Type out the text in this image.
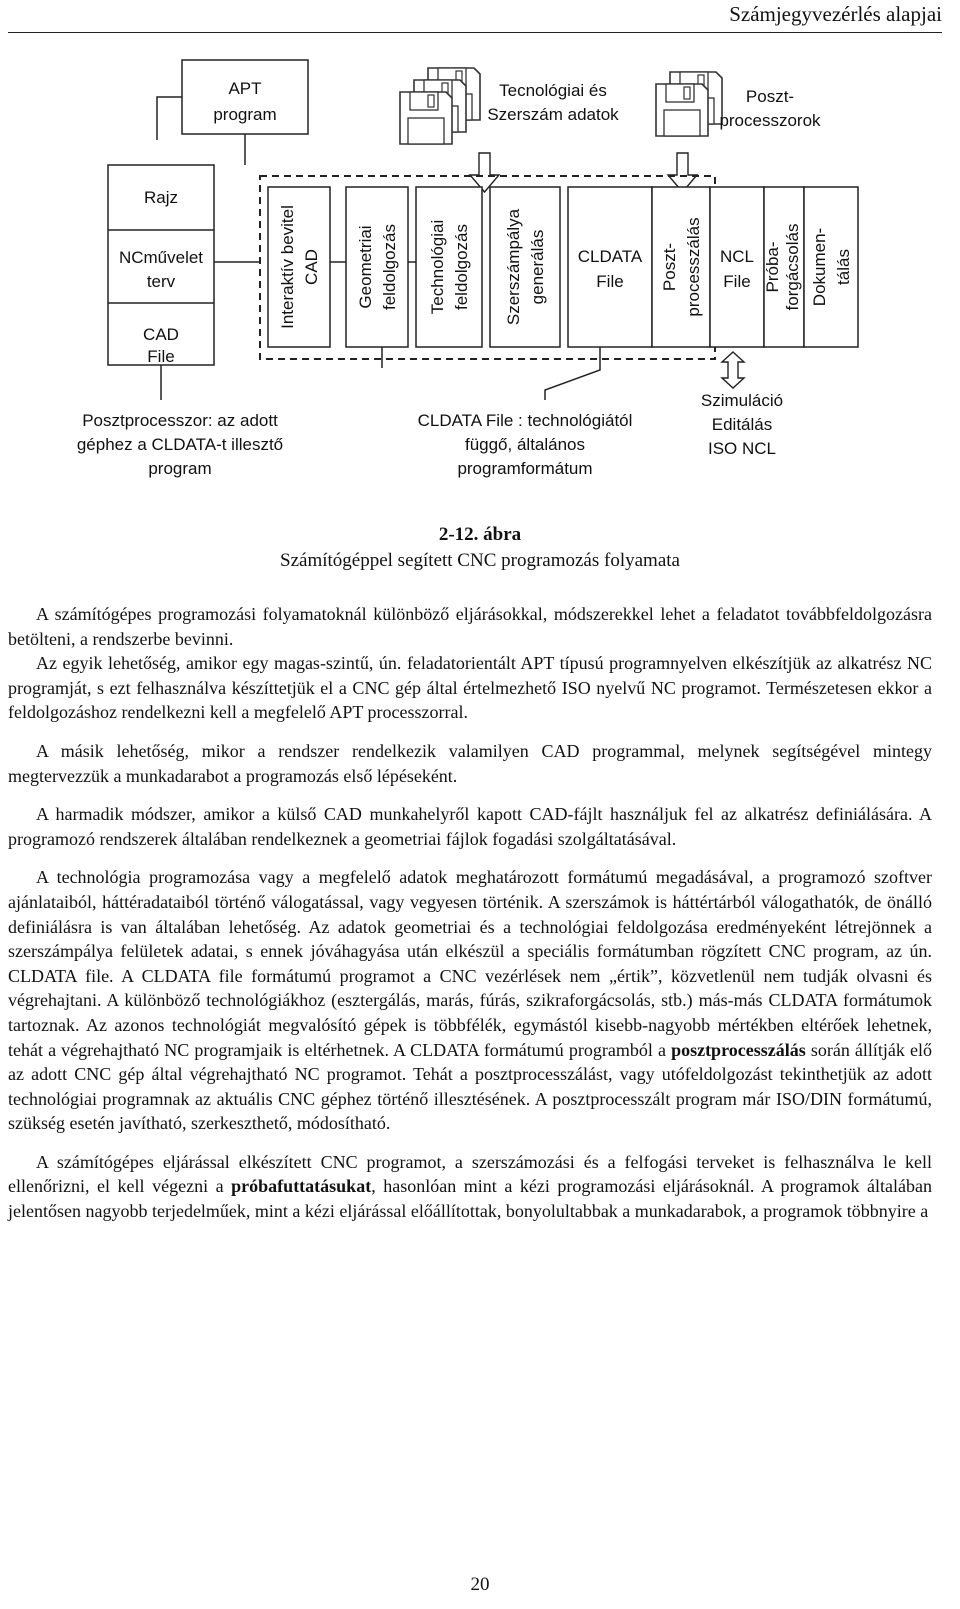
Számjegyvezérlés alapjai
APT
program
Tecnológiai és
Szerszám adatok
Poszt-
processzorok
Rajz
NCművelet
terv
CAD
File
Interaktív bevitel CAD Geometriai feldolgozás Technológiai feldolgozás Szerszámpálya generálás CLDATA
File Poszt- processzálás NCL
File Próba- forgácsolás Dokumen- tálás
Posztprocesszor: az adott
géphez a CLDATA-t illesztő
program
CLDATA File : technológiától
függő, általános
programformátum
Szimuláció
Editálás
ISO NCL
2-12. ábra
Számítógéppel segített CNC programozás folyamata

A számítógépes programozási folyamatoknál különböző eljárásokkal, módszerekkel lehet a feladatot továbbfeldolgozásra betölteni, a rendszerbe bevinni.

Az egyik lehetőség, amikor egy magas-szintű, ún. feladatorientált APT típusú programnyelven elkészítjük az alkatrész NC programját, s ezt felhasználva készíttetjük el a CNC gép által értelmezhető ISO nyelvű NC programot. Természetesen ekkor a feldolgozáshoz rendelkezni kell a megfelelő APT processzorral.

A másik lehetőség, mikor a rendszer rendelkezik valamilyen CAD programmal, melynek segítségével mintegy megtervezzük a munkadarabot a programozás első lépéseként.

A harmadik módszer, amikor a külső CAD munkahelyről kapott CAD-fájlt használjuk fel az alkatrész definiálására. A programozó rendszerek általában rendelkeznek a geometriai fájlok fogadási szolgáltatásával.

A technológia programozása vagy a megfelelő adatok meghatározott formátumú megadásával, a programozó szoftver ajánlataiból, háttéradataiból történő válogatással, vagy vegyesen történik. A szerszámok is háttértárból válogathatók, de önálló definiálásra is van általában lehetőség. Az adatok geometriai és a technológiai feldolgozása eredményeként létrejönnek a szerszámpálya felületek adatai, s ennek jóváhagyása után elkészül a speciális formátumban rögzített CNC program, az ún. CLDATA file. A CLDATA file formátumú programot a CNC vezérlések nem „értik”, közvetlenül nem tudják olvasni és végrehajtani. A különböző technológiákhoz (esztergálás, marás, fúrás, szikraforgácsolás, stb.) más-más CLDATA formátumok tartoznak. Az azonos technológiát megvalósító gépek is többfélék, egymástól kisebb-nagyobb mértékben eltérőek lehetnek, tehát a végrehajtható NC programjaik is eltérhetnek. A CLDATA formátumú programból a posztprocesszálás során állítják elő az adott CNC gép által végrehajtható NC programot. Tehát a posztprocesszálást, vagy utófeldolgozást tekinthetjük az adott technológiai programnak az aktuális CNC géphez történő illesztésének. A posztprocesszált program már ISO/DIN formátumú, szükség esetén javítható, szerkeszthető, módosítható.

A számítógépes eljárással elkészített CNC programot, a szerszámozási és a felfogási terveket is felhasználva le kell ellenőrizni, el kell végezni a próbafuttatásukat, hasonlóan mint a kézi programozási eljárásoknál. A programok általában jelentősen nagyobb terjedelműek, mint a kézi eljárással előállítottak, bonyolultabbak a munkadarabok, a programok többnyire a

20
